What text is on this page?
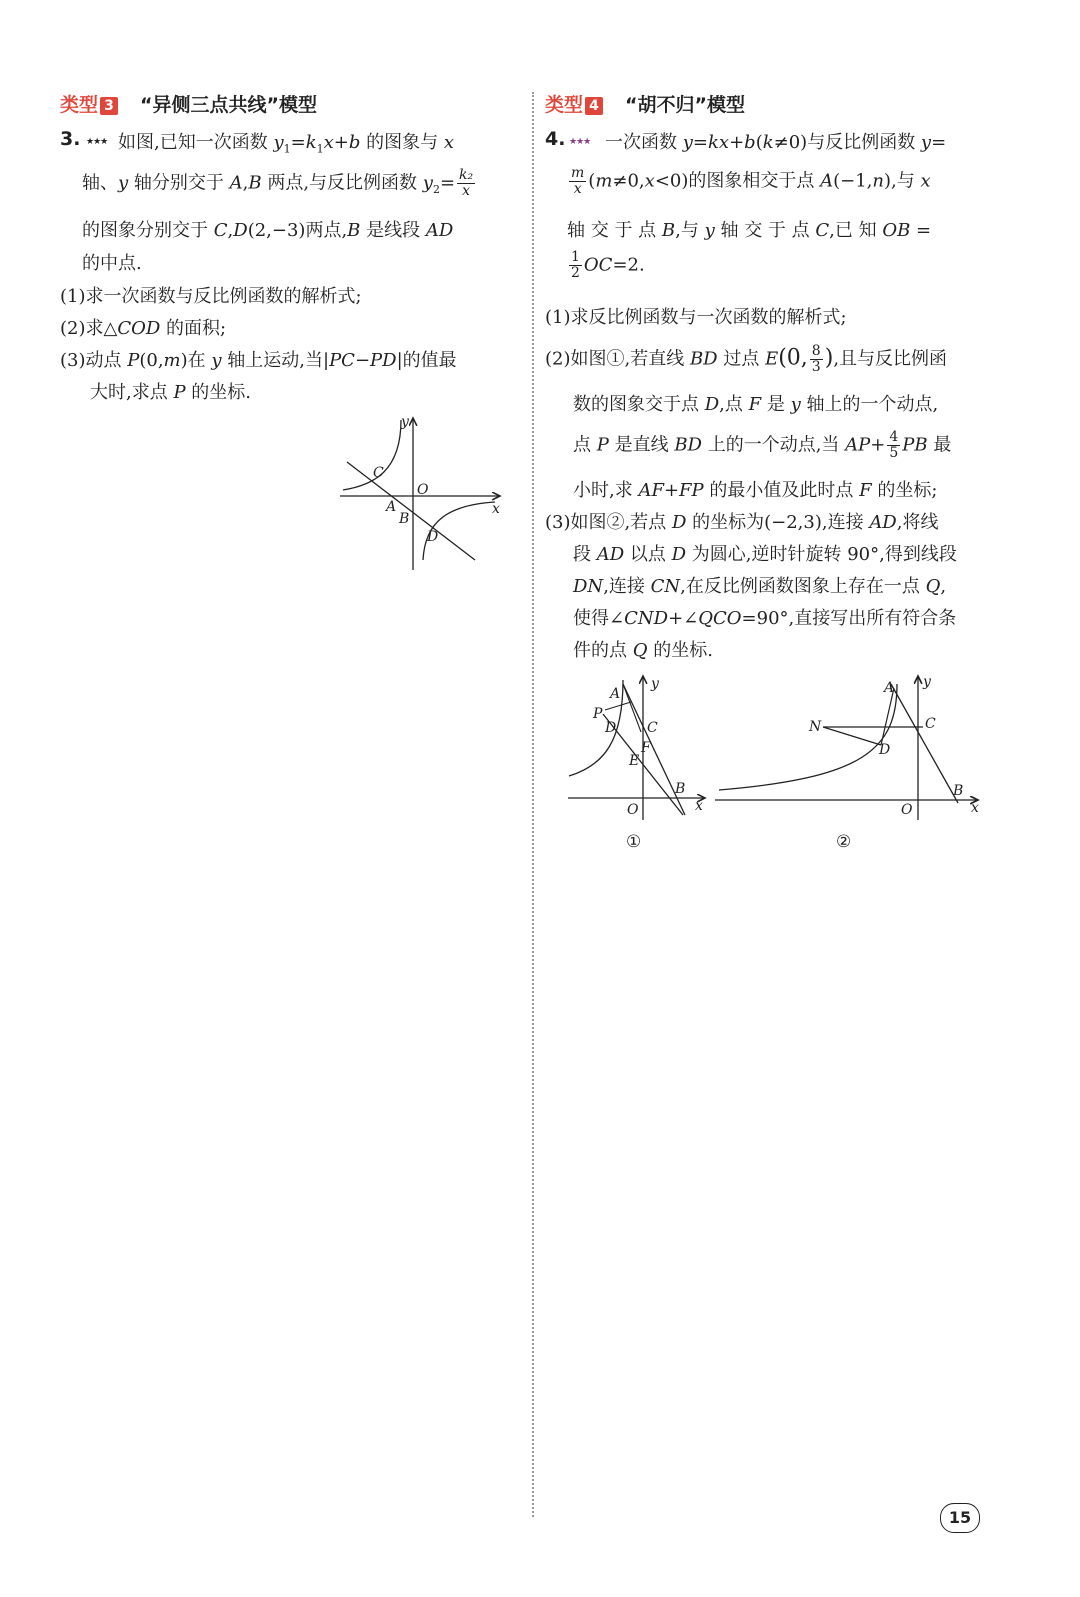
类型 3 “异侧三点共线”模型
3. ★★★ 如图,已知一次函数 $y_1=k_1x+b$ 的图象与 x
轴、y 轴分别交于 A,B 两点,与反比例函数 $y_2= \frac{\text{k₂}}{x}$
的图象分别交于 C,D(2,−3)两点,B 是线段 AD
的中点.
(1)求一次函数与反比例函数的解析式;
(2)求△COD 的面积;
(3)动点 P(0,m)在 y 轴上运动,当|PC−PD|的值最
大时,求点 P 的坐标.
y
x
O
C
A
B
D
类型 4 “胡不归”模型
4. ★★★ 一次函数 y=kx+b(k≠0)与反比例函数 y=
$\frac{m}{x} (m\ne 0,x<0)$的图象相交于点 A(−1,n),与 x
轴 交 于 点 B,与 y 轴 交 于 点 C,已 知 OB =
$\frac{1}{2} OC=2$.
(1)求反比例函数与一次函数的解析式;
(2)如图①,若直线 BD 过点 E(0, $\frac{8}{3}$ ),且与反比例函
数的图象交于点 D,点 F 是 y 轴上的一个动点,
点 P 是直线 BD 上的一个动点,当 $AP+ \frac{4}{5}$ PB 最
小时,求 AF+FP 的最小值及此时点 F 的坐标;
(3)如图②,若点 D 的坐标为(−2,3),连接 AD,将线
段 AD 以点 D 为圆心,逆时针旋转 90°,得到线段
DN,连接 CN,在反比例函数图象上存在一点 Q,
使得∠CND+∠QCO=90°,直接写出所有符合条
件的点 Q 的坐标.
A
y
P
D C
F
E
B
x
O
①
A y
N	C
D
B
x
O
②
15
